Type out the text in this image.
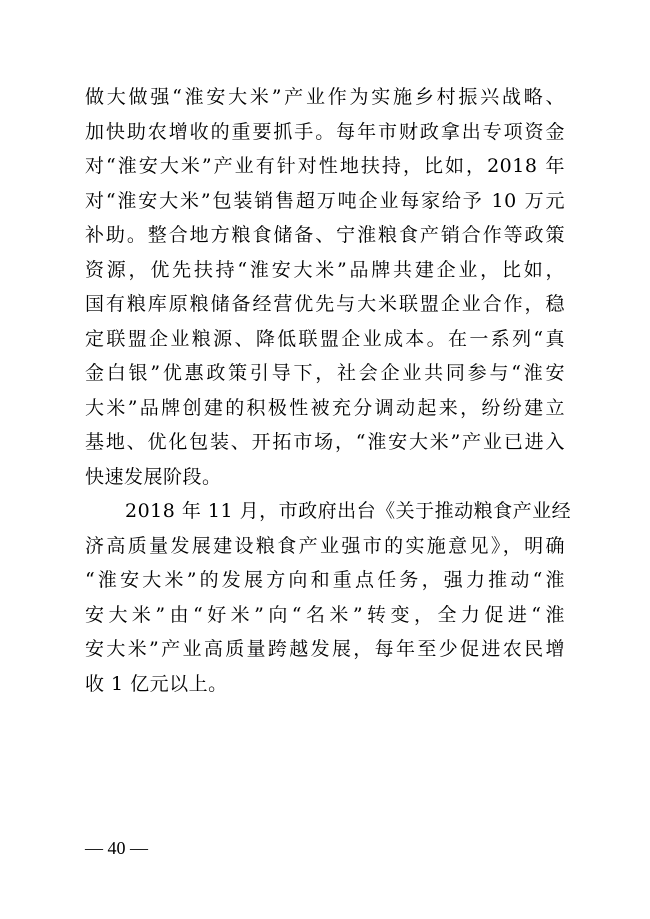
做大做强“淮安大米”产业作为实施乡村振兴战略、
加快助农增收的重要抓手。每年市财政拿出专项资金
对“淮安大米”产业有针对性地扶持，比如，2018 年
对“淮安大米”包装销售超万吨企业每家给予 10 万元
补助。整合地方粮食储备、宁淮粮食产销合作等政策
资源，优先扶持“淮安大米”品牌共建企业，比如，
国有粮库原粮储备经营优先与大米联盟企业合作，稳
定联盟企业粮源、降低联盟企业成本。在一系列“真
金白银”优惠政策引导下，社会企业共同参与“淮安
大米”品牌创建的积极性被充分调动起来，纷纷建立
基地、优化包装、开拓市场，“淮安大米”产业已进入
快速发展阶段。
2018 年 11 月，市政府出台《关于推动粮食产业经
济高质量发展建设粮食产业强市的实施意见》，明确
“淮安大米”的发展方向和重点任务，强力推动“淮
安大米”由“好米”向“名米”转变，全力促进“淮
安大米”产业高质量跨越发展，每年至少促进农民增
收 1 亿元以上。
— 40 —
